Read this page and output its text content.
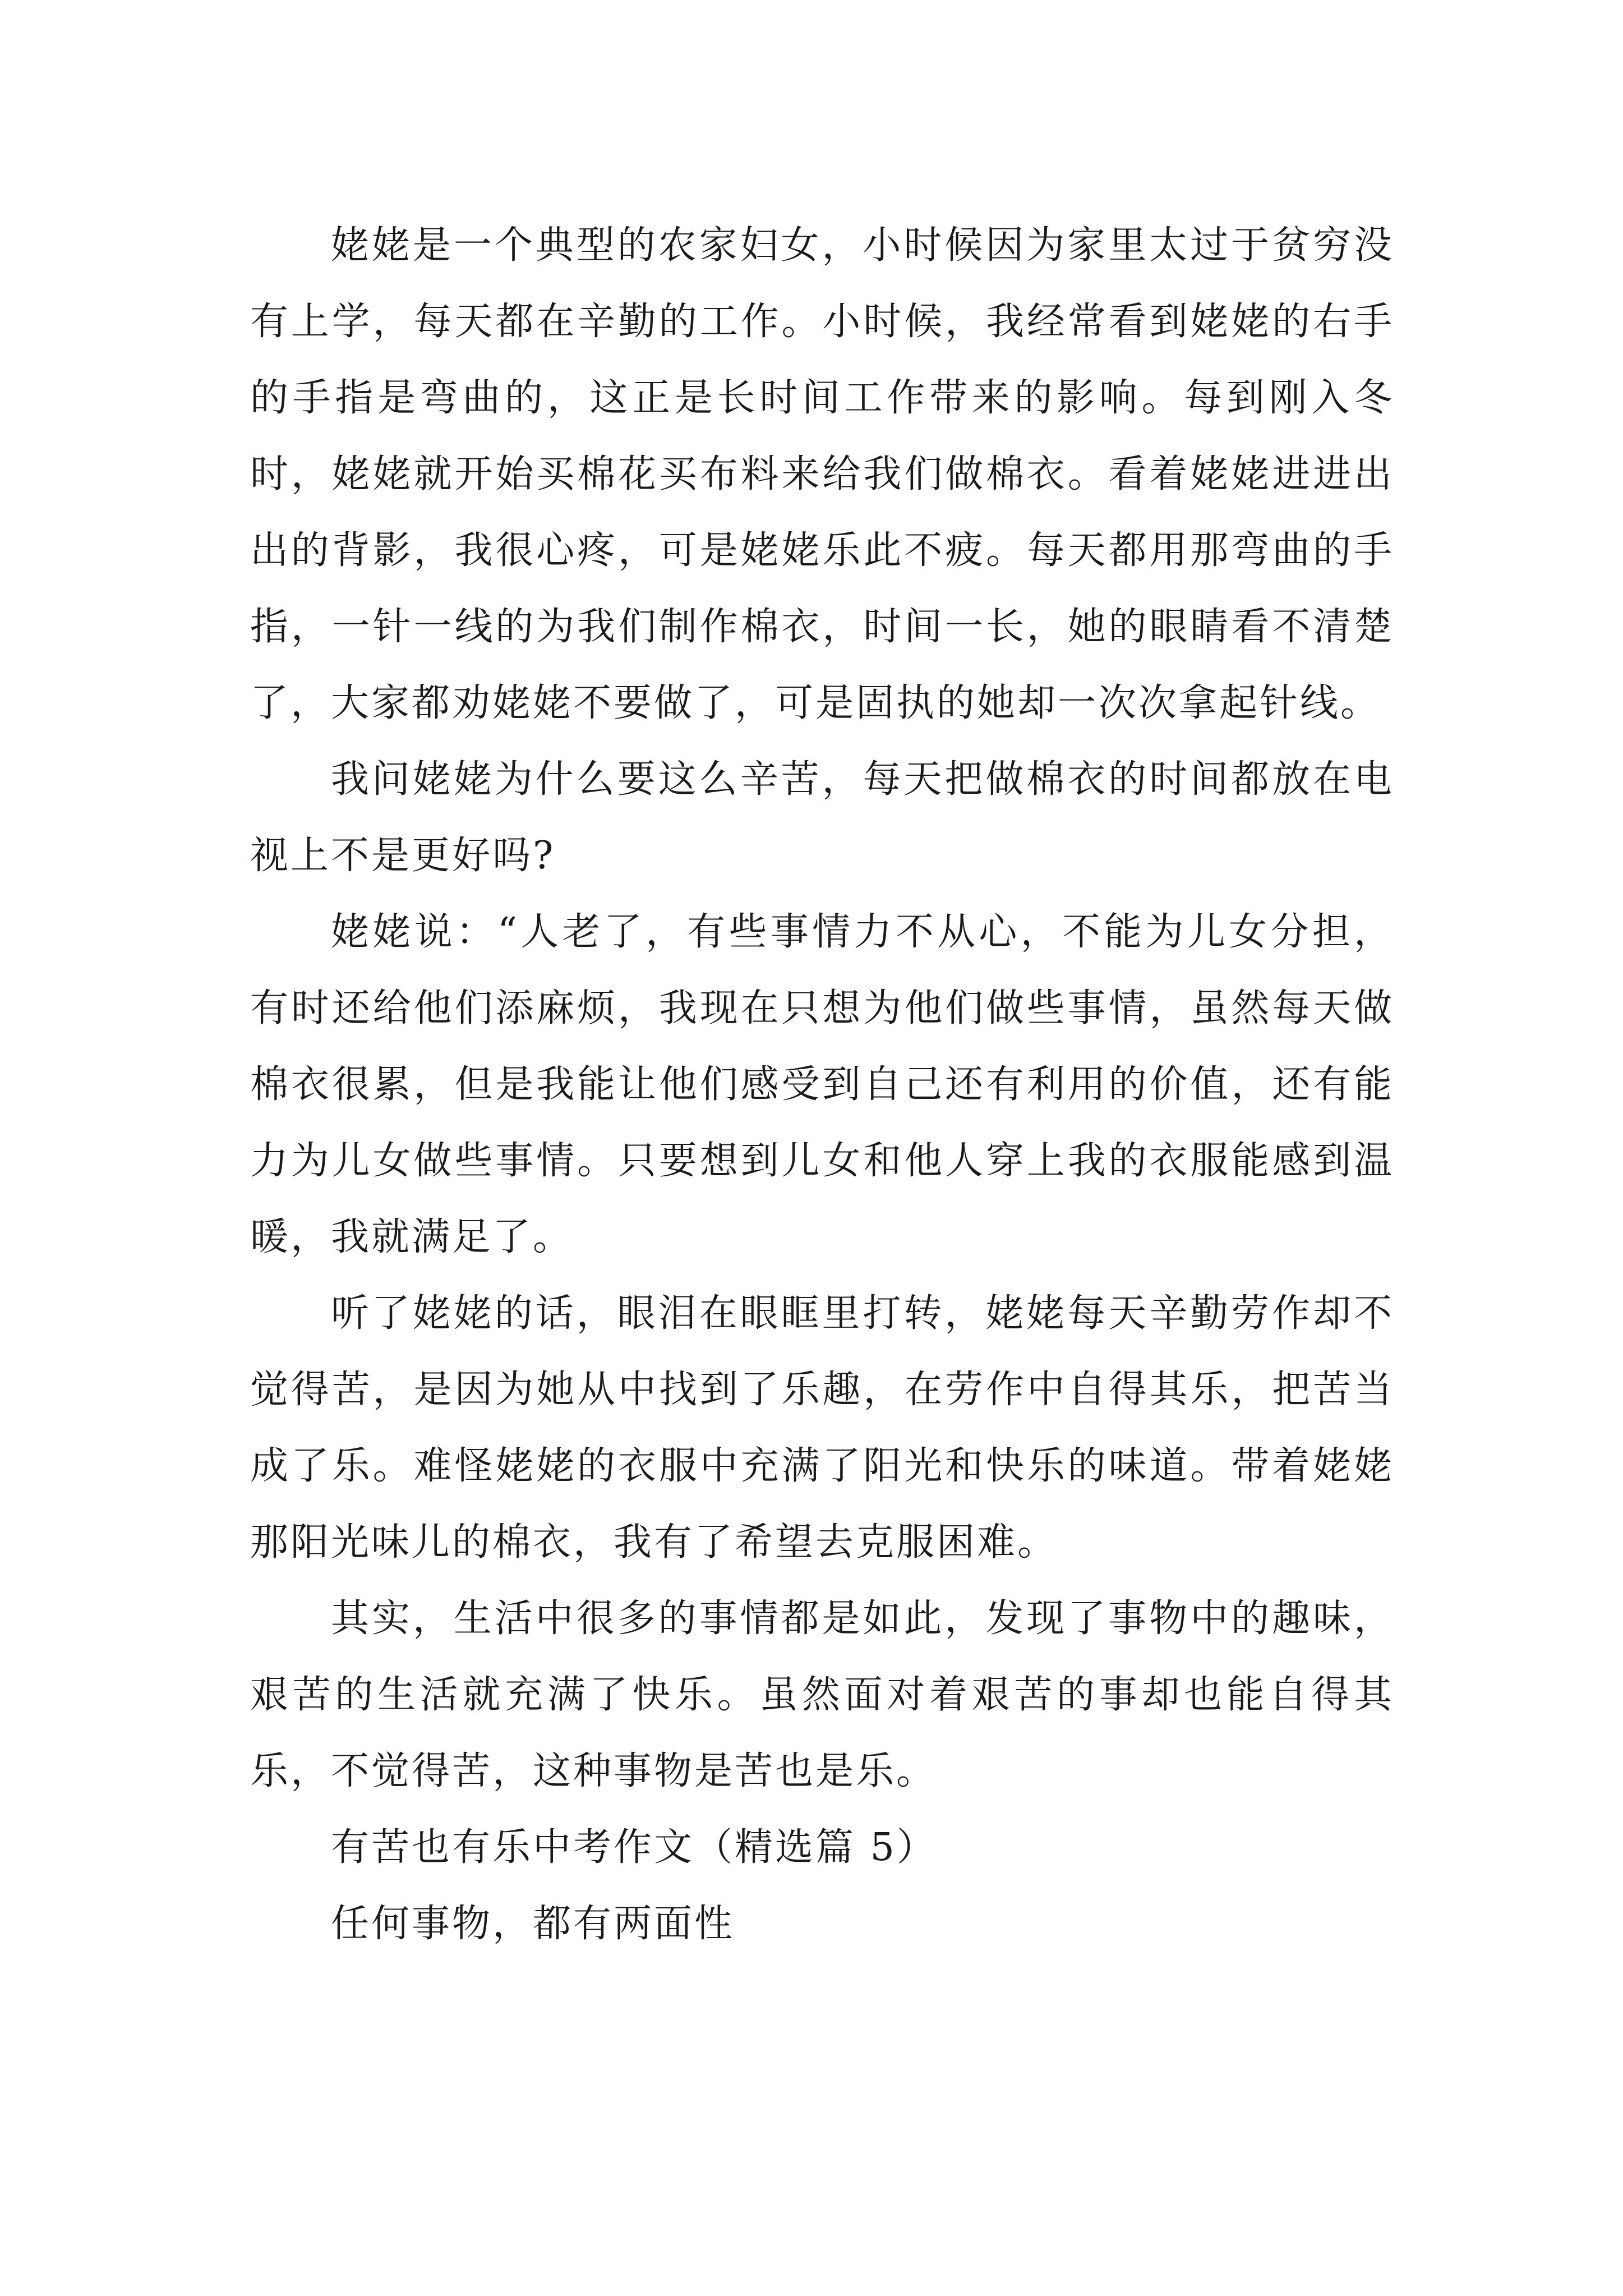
姥姥是一个典型的农家妇女，小时候因为家里太过于贫穷没有上学，每天都在辛勤的工作。小时候，我经常看到姥姥的右手的手指是弯曲的，这正是长时间工作带来的影响。每到刚入冬时，姥姥就开始买棉花买布料来给我们做棉衣。看着姥姥进进出出的背影，我很心疼，可是姥姥乐此不疲。每天都用那弯曲的手指，一针一线的为我们制作棉衣，时间一长，她的眼睛看不清楚了，大家都劝姥姥不要做了，可是固执的她却一次次拿起针线。

我问姥姥为什么要这么辛苦，每天把做棉衣的时间都放在电视上不是更好吗?

姥姥说：“人老了，有些事情力不从心，不能为儿女分担，有时还给他们添麻烦，我现在只想为他们做些事情，虽然每天做棉衣很累，但是我能让他们感受到自己还有利用的价值，还有能力为儿女做些事情。只要想到儿女和他人穿上我的衣服能感到温暖，我就满足了。

听了姥姥的话，眼泪在眼眶里打转，姥姥每天辛勤劳作却不觉得苦，是因为她从中找到了乐趣，在劳作中自得其乐，把苦当成了乐。难怪姥姥的衣服中充满了阳光和快乐的味道。带着姥姥那阳光味儿的棉衣，我有了希望去克服困难。

其实，生活中很多的事情都是如此，发现了事物中的趣味，艰苦的生活就充满了快乐。虽然面对着艰苦的事却也能自得其乐，不觉得苦，这种事物是苦也是乐。

有苦也有乐中考作文（精选篇 5）

任何事物，都有两面性
